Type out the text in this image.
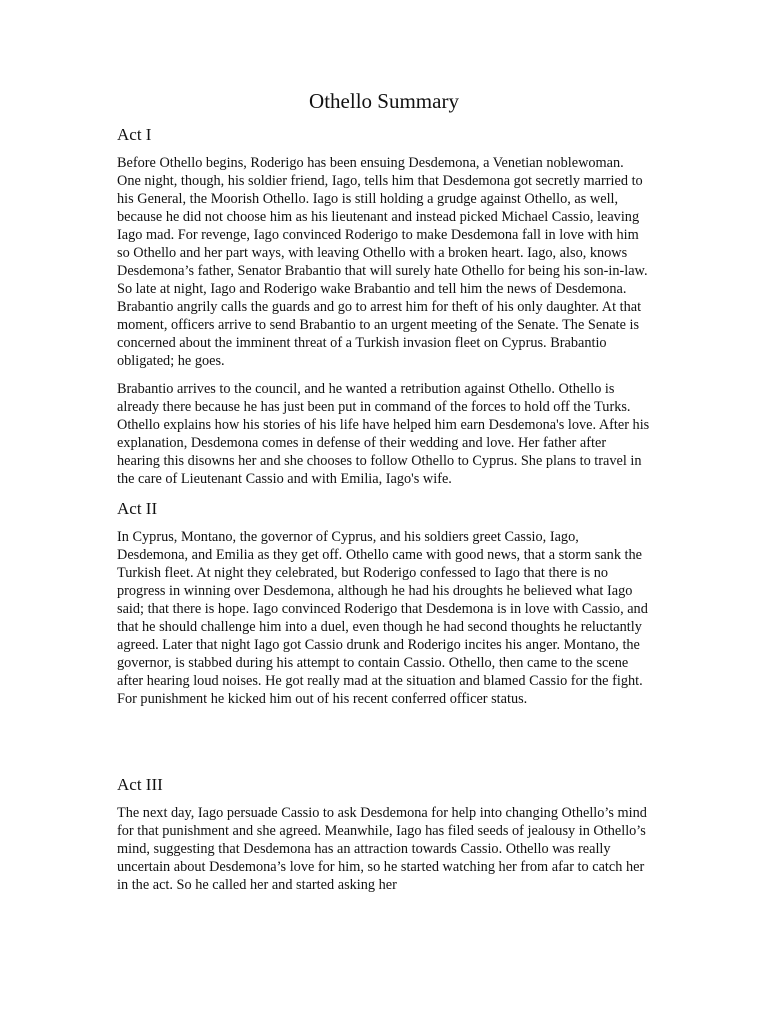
Othello Summary
Act I

Before Othello begins, Roderigo has been ensuing Desdemona, a Venetian noblewoman. One night, though, his soldier friend, Iago, tells him that Desdemona got secretly married to his General, the Moorish Othello. Iago is still holding a grudge against Othello, as well, because he did not choose him as his lieutenant and instead picked Michael Cassio, leaving Iago mad. For revenge, Iago convinced Roderigo to make Desdemona fall in love with him so Othello and her part ways, with leaving Othello with a broken heart. Iago, also, knows Desdemona’s father, Senator Brabantio that will surely hate Othello for being his son-in-law. So late at night, Iago and Roderigo wake Brabantio and tell him the news of Desdemona. Brabantio angrily calls the guards and go to arrest him for theft of his only daughter. At that moment, officers arrive to send Brabantio to an urgent meeting of the Senate. The Senate is concerned about the imminent threat of a Turkish invasion fleet on Cyprus. Brabantio obligated; he goes.

Brabantio arrives to the council, and he wanted a retribution against Othello. Othello is already there because he has just been put in command of the forces to hold off the Turks. Othello explains how his stories of his life have helped him earn Desdemona's love. After his explanation, Desdemona comes in defense of their wedding and love. Her father after hearing this disowns her and she chooses to follow Othello to Cyprus. She plans to travel in the care of Lieutenant Cassio and with Emilia, Iago's wife.

Act II

In Cyprus, Montano, the governor of Cyprus, and his soldiers greet Cassio, Iago, Desdemona, and Emilia as they get off. Othello came with good news, that a storm sank the Turkish fleet. At night they celebrated, but Roderigo confessed to Iago that there is no progress in winning over Desdemona, although he had his droughts he believed what Iago said; that there is hope. Iago convinced Roderigo that Desdemona is in love with Cassio, and that he should challenge him into a duel, even though he had second thoughts he reluctantly agreed. Later that night Iago got Cassio drunk and Roderigo incites his anger. Montano, the governor, is stabbed during his attempt to contain Cassio. Othello, then came to the scene after hearing loud noises. He got really mad at the situation and blamed Cassio for the fight. For punishment he kicked him out of his recent conferred officer status.

Act III

The next day, Iago persuade Cassio to ask Desdemona for help into changing Othello’s mind for that punishment and she agreed. Meanwhile, Iago has filed seeds of jealousy in Othello’s mind, suggesting that Desdemona has an attraction towards Cassio. Othello was really uncertain about Desdemona’s love for him, so he started watching her from afar to catch her in the act. So he called her and started asking her
